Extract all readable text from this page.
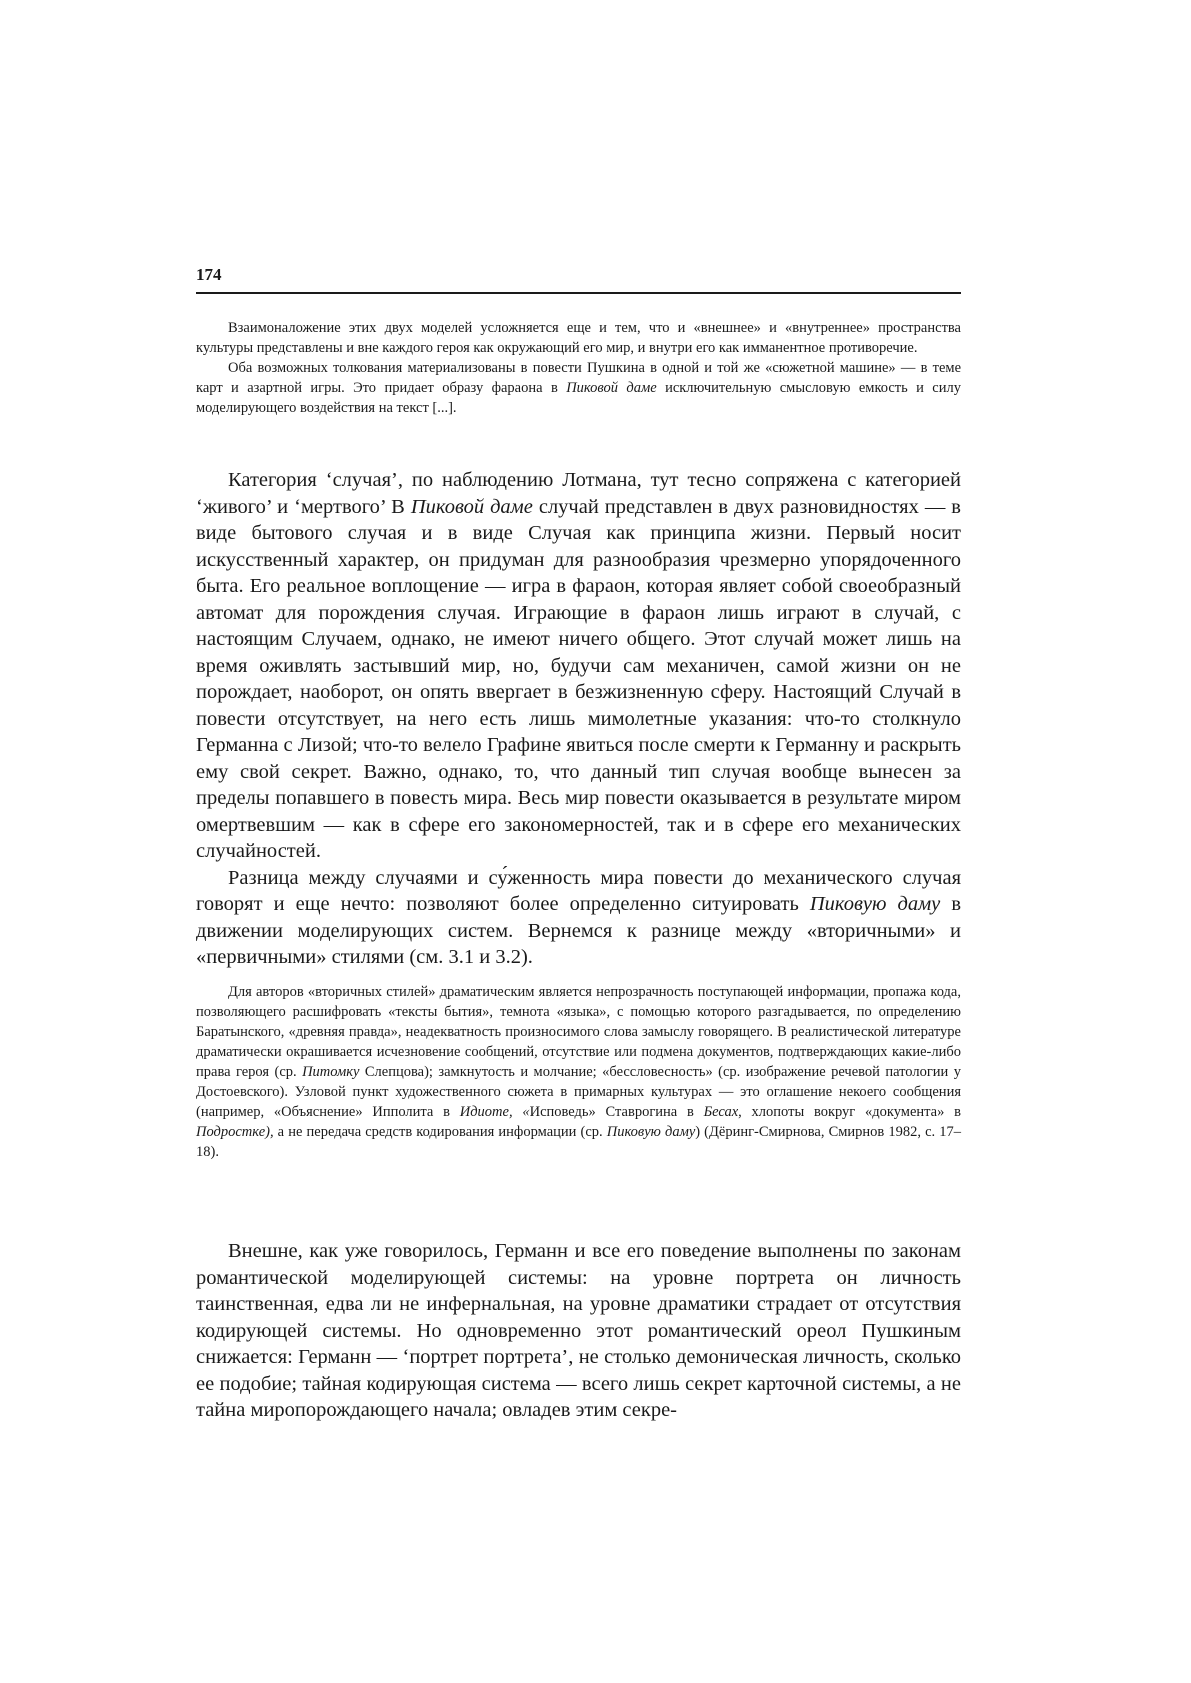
174

Взаимоналожение этих двух моделей усложняется еще и тем, что и «внешнее» и «внутреннее» пространства культуры представлены и вне каждого героя как окружающий его мир, и внутри его как имманентное противоречие.

Оба возможных толкования материализованы в повести Пушкина в одной и той же «сюжетной машине» — в теме карт и азартной игры. Это придает образу фараона в Пиковой даме исключительную смысловую емкость и силу моделирующего воздействия на текст [...].

Категория ‘случая’, по наблюдению Лотмана, тут тесно сопряжена с категорией ‘живого’ и ‘мертвого’ В Пиковой даме случай представлен в двух разновидностях — в виде бытового случая и в виде Случая как принципа жизни. Первый носит искусственный характер, он придуман для разнообразия чрезмерно упорядоченного быта. Его реальное воплощение — игра в фараон, которая являет собой своеобразный автомат для порождения случая. Играющие в фараон лишь играют в случай, с настоящим Случаем, однако, не имеют ничего общего. Этот случай может лишь на время оживлять застывший мир, но, будучи сам механичен, самой жизни он не порождает, наоборот, он опять ввергает в безжизненную сферу. Настоящий Случай в повести отсутствует, на него есть лишь мимолетные указания: что-то столкнуло Германна с Лизой; что-то велело Графине явиться после смерти к Германну и раскрыть ему свой секрет. Важно, однако, то, что данный тип случая вообще вынесен за пределы попавшего в повесть мира. Весь мир повести оказывается в результате миром омертвевшим — как в сфере его закономерностей, так и в сфере его механических случайностей.

Разница между случаями и су́женность мира повести до механического случая говорят и еще нечто: позволяют более определенно ситуировать Пиковую даму в движении моделирующих систем. Вернемся к разнице между «вторичными» и «первичными» стилями (см. 3.1 и 3.2).

Для авторов «вторичных стилей» драматическим является непрозрачность поступающей информации, пропажа кода, позволяющего расшифровать «тексты бытия», темнота «языка», с помощью которого разгадывается, по определению Баратынского, «древняя правда», неадекватность произносимого слова замыслу говорящего. В реалистической литературе драматически окрашивается исчезновение сообщений, отсутствие или подмена документов, подтверждающих какие-либо права героя (ср. Питомку Слепцова); замкнутость и молчание; «бессловесность» (ср. изображение речевой патологии у Достоевского). Узловой пункт художественного сюжета в примарных культурах — это оглашение некоего сообщения (например, «Объяснение» Ипполита в Идиоте, «Исповедь» Ставрогина в Бесах, хлопоты вокруг «документа» в Подростке), а не передача средств кодирования информации (ср. Пиковую даму) (Дёринг-Смирнова, Смирнов 1982, с. 17–18).

Внешне, как уже говорилось, Германн и все его поведение выполнены по законам романтической моделирующей системы: на уровне портрета он личность таинственная, едва ли не инфернальная, на уровне драматики страдает от отсутствия кодирующей системы. Но одновременно этот романтический ореол Пушкиным снижается: Германн — ‘портрет портрета’, не столько демоническая личность, сколько ее подобие; тайная кодирующая система — всего лишь секрет карточной системы, а не тайна миропорождающего начала; овладев этим секре-
